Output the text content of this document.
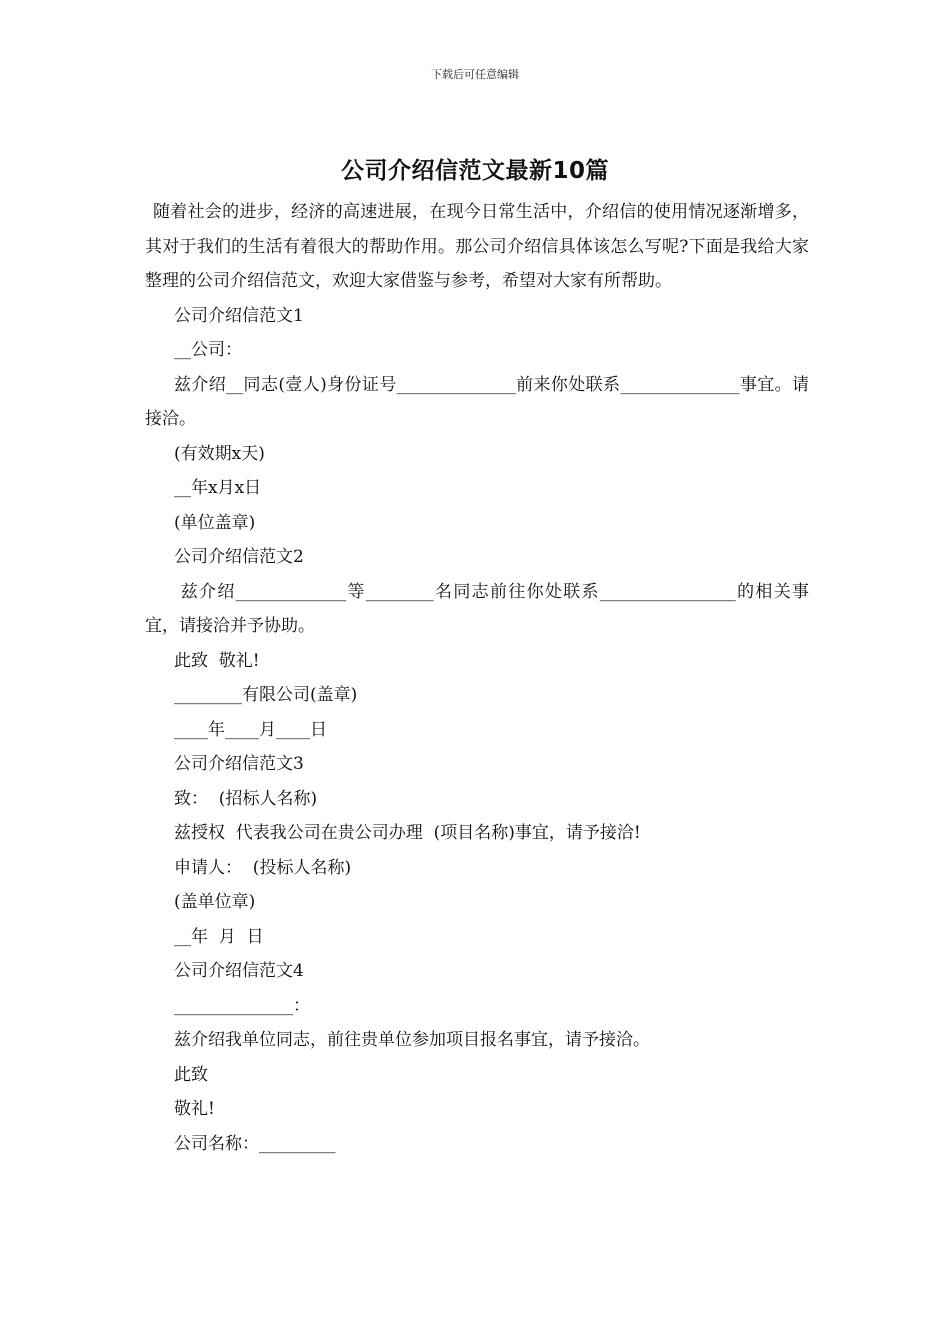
下载后可任意编辑
公司介绍信范文最新10篇

随着社会的进步，经济的高速进展，在现今日常生活中，介绍信的使用情况逐渐增多，其对于我们的生活有着很大的帮助作用。那公司介绍信具体该怎么写呢?下面是我给大家整理的公司介绍信范文，欢迎大家借鉴与参考，希望对大家有所帮助。

公司介绍信范文1

__公司：

兹介绍__同志(壹人)身份证号______________前来你处联系______________事宜。请接洽。

(有效期x天)

__年x月x日

(单位盖章)

公司介绍信范文2

兹介绍_____________等________名同志前往你处联系________________的相关事宜，请接洽并予协助。

此致  敬礼!

________有限公司(盖章)

____年____月____日

公司介绍信范文3

致：  (招标人名称)

兹授权  代表我公司在贵公司办理  (项目名称)事宜，请予接洽!

申请人：  (投标人名称)

(盖单位章)

__年  月  日

公司介绍信范文4

______________：

兹介绍我单位同志，前往贵单位参加项目报名事宜，请予接洽。

此致

敬礼!

公司名称：_________
